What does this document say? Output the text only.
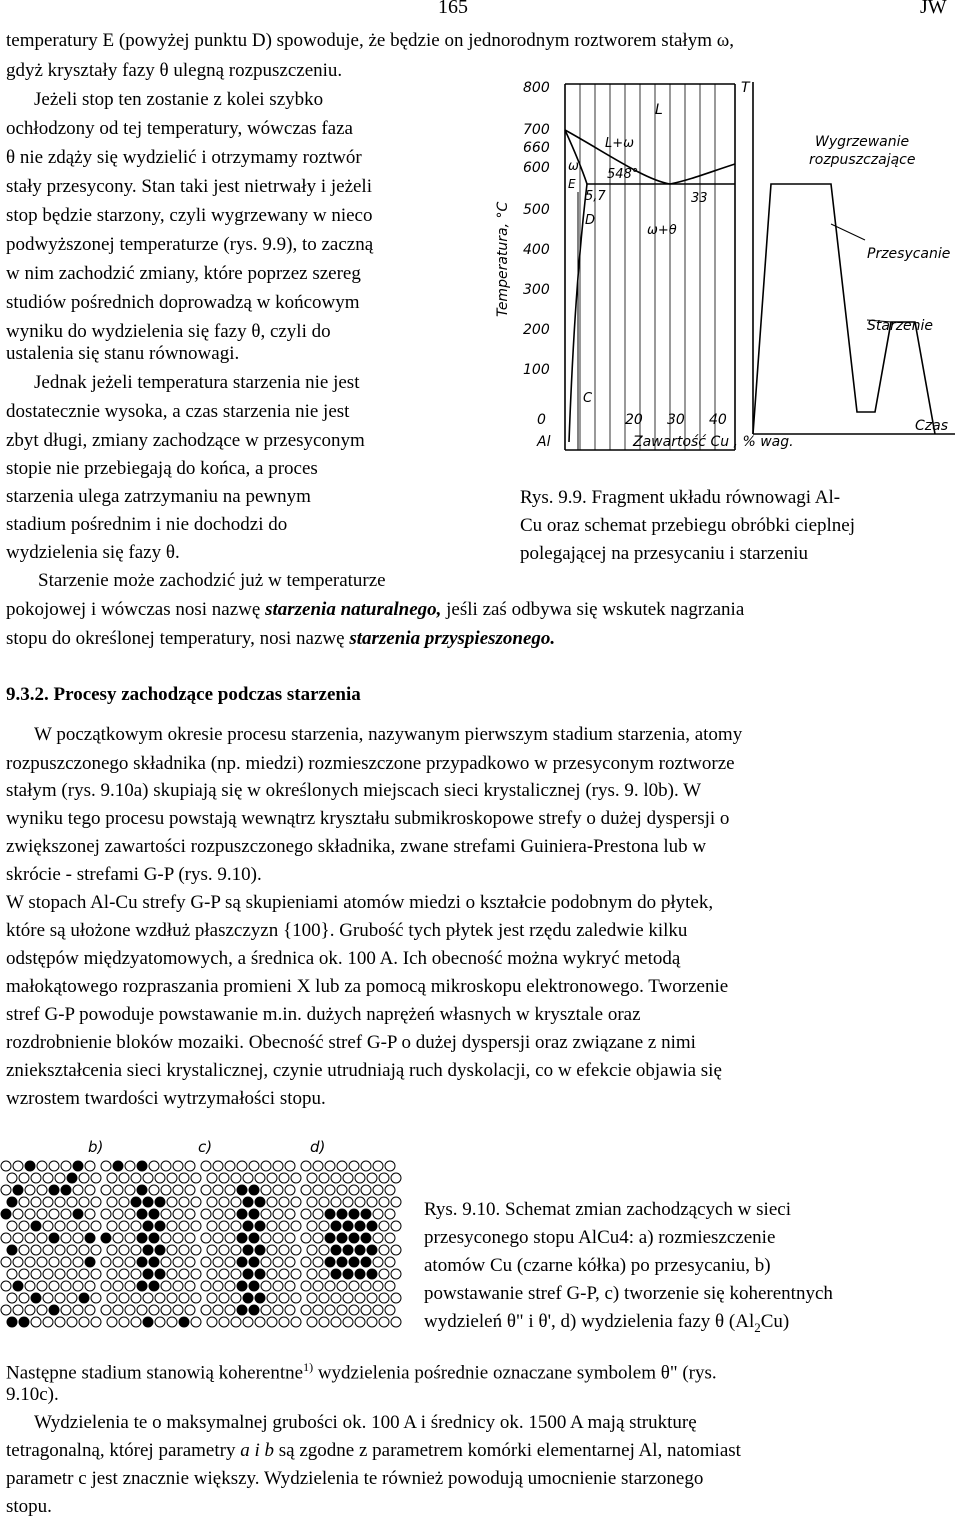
165	JW
temperatury E (powyżej punktu D) spowoduje, że będzie on jednorodnym roztworem stałym ω,
gdyż kryształy fazy θ ulegną rozpuszczeniu.
Jeżeli stop ten zostanie z kolei szybko
ochłodzony od tej temperatury, wówczas faza
θ nie zdąży się wydzielić i otrzymamy roztwór
stały przesycony. Stan taki jest nietrwały i jeżeli
stop będzie starzony, czyli wygrzewany w nieco
podwyższonej temperaturze (rys. 9.9), to zaczną
w nim zachodzić zmiany, które poprzez szereg
studiów pośrednich doprowadzą w końcowym
wyniku do wydzielenia się fazy θ, czyli do
ustalenia się stanu równowagi.
Jednak jeżeli temperatura starzenia nie jest
dostatecznie wysoka, a czas starzenia nie jest
zbyt długi, zmiany zachodzące w przesyconym
stopie nie przebiegają do końca, a proces
starzenia ulega zatrzymaniu na pewnym
stadium pośrednim i nie dochodzi do
wydzielenia się fazy θ.
Starzenie może zachodzić już w temperaturze
pokojowej i wówczas nosi nazwę starzenia naturalnego, jeśli zaś odbywa się wskutek nagrzania
stopu do określonej temperatury, nosi nazwę starzenia przyspieszonego.
800
700
660
600
500
400
300
200
100
0	20 30 40
Al	Zawartość Cu , % wag.
Temperatura, °C
L
L+ω
ω
E
5,7
548°
33
D
ω+θ
C
T
Czas
Wygrzewanie
rozpuszczające
Przesycanie
Starzenie
Rys. 9.9. Fragment układu równowagi Al-
Cu oraz schemat przebiegu obróbki cieplnej
polegającej na przesycaniu i starzeniu
9.3.2. Procesy zachodzące podczas starzenia
W początkowym okresie procesu starzenia, nazywanym pierwszym stadium starzenia, atomy
rozpuszczonego składnika (np. miedzi) rozmieszczone przypadkowo w przesyconym roztworze
stałym (rys. 9.10a) skupiają się w określonych miejscach sieci krystalicznej (rys. 9. l0b). W
wyniku tego procesu powstają wewnątrz kryształu submikroskopowe strefy o dużej dyspersji o
zwiększonej zawartości rozpuszczonego składnika, zwane strefami Guiniera-Prestona lub w
skrócie - strefami G-P (rys. 9.10).
W stopach Al-Cu strefy G-P są skupieniami atomów miedzi o kształcie podobnym do płytek,
które są ułożone wzdłuż płaszczyzn {100}. Grubość tych płytek jest rzędu zaledwie kilku
odstępów międzyatomowych, a średnica ok. 100 A. Ich obecność można wykryć metodą
małokątowego rozpraszania promieni X lub za pomocą mikroskopu elektronowego. Tworzenie
stref G-P powoduje powstawanie m.in. dużych naprężeń własnych w krysztale oraz
rozdrobnienie bloków mozaiki. Obecność stref G-P o dużej dyspersji oraz związane z nimi
zniekształcenia sieci krystalicznej, czynie utrudniają ruch dyskolacji, co w efekcie objawia się
wzrostem twardości wytrzymałości stopu.
b)	c)	d)
Rys. 9.10. Schemat zmian zachodzących w sieci
przesyconego stopu AlCu4: a) rozmieszczenie
atomów Cu (czarne kółka) po przesycaniu, b)
powstawanie stref G-P, c) tworzenie się koherentnych
wydzieleń θ" i θ', d) wydzielenia fazy θ $(Al_2Cu)$
Następne stadium stanowią koherentne$^{1)}$ wydzielenia pośrednie oznaczane symbolem θ" (rys.
9.10c).
Wydzielenia te o maksymalnej grubości ok. 100 A i średnicy ok. 1500 A mają strukturę
tetragonalną, której parametry a i b są zgodne z parametrem komórki elementarnej Al, natomiast
parametr c jest znacznie większy. Wydzielenia te również powodują umocnienie starzonego
stopu.
